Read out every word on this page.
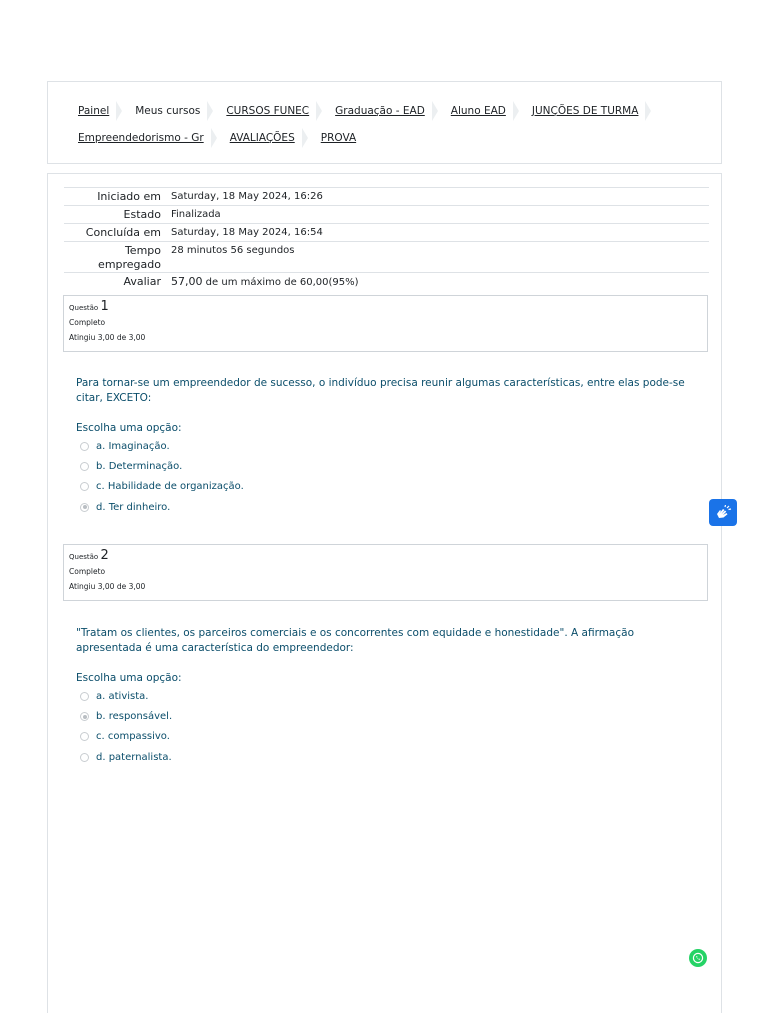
Painel Meus cursos CURSOS FUNEC Graduação - EAD Aluno EAD JUNÇÕES DE TURMA
Empreendedorismo - Gr AVALIAÇÕES PROVA
Iniciado em	Saturday, 18 May 2024, 16:26
Estado	Finalizada
Concluída em	Saturday, 18 May 2024, 16:54
Tempo
empregado	28 minutos 56 segundos
Avaliar	57,00 de um máximo de 60,00(95%)
Questão 1
Completo
Atingiu 3,00 de 3,00
Para tornar-se um empreendedor de sucesso, o indivíduo precisa reunir algumas características, entre elas pode-se citar, EXCETO:
Escolha uma opção:
a. Imaginação.
b. Determinação.
c. Habilidade de organização.
d. Ter dinheiro.
Questão 2
Completo
Atingiu 3,00 de 3,00
"Tratam os clientes, os parceiros comerciais e os concorrentes com equidade e honestidade". A afirmação apresentada é uma característica do empreendedor:
Escolha uma opção:
a. ativista.
b. responsável.
c. compassivo.
d. paternalista.
